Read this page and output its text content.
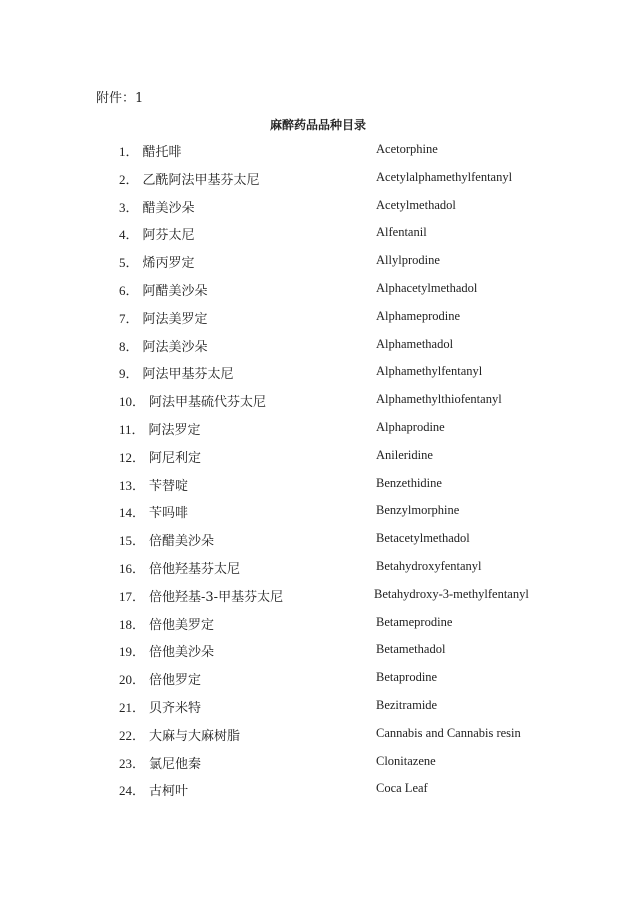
附件：1
麻醉药品品种目录
1． 醋托啡	Acetorphine
2． 乙酰阿法甲基芬太尼	Acetylalphamethylfentanyl
3． 醋美沙朵	Acetylmethadol
4． 阿芬太尼	Alfentanil
5． 烯丙罗定	Allylprodine
6． 阿醋美沙朵	Alphacetylmethadol
7． 阿法美罗定	Alphameprodine
8． 阿法美沙朵	Alphamethadol
9． 阿法甲基芬太尼	Alphamethylfentanyl
10． 阿法甲基硫代芬太尼	Alphamethylthiofentanyl
11． 阿法罗定	Alphaprodine
12． 阿尼利定	Anileridine
13． 苄替啶	Benzethidine
14． 苄吗啡	Benzylmorphine
15． 倍醋美沙朵	Betacetylmethadol
16． 倍他羟基芬太尼	Betahydroxyfentanyl
17． 倍他羟基-3-甲基芬太尼	Betahydroxy-3-methylfentanyl
18． 倍他美罗定	Betameprodine
19． 倍他美沙朵	Betamethadol
20． 倍他罗定	Betaprodine
21． 贝齐米特	Bezitramide
22． 大麻与大麻树脂	Cannabis and Cannabis resin
23． 氯尼他秦	Clonitazene
24． 古柯叶	Coca Leaf
